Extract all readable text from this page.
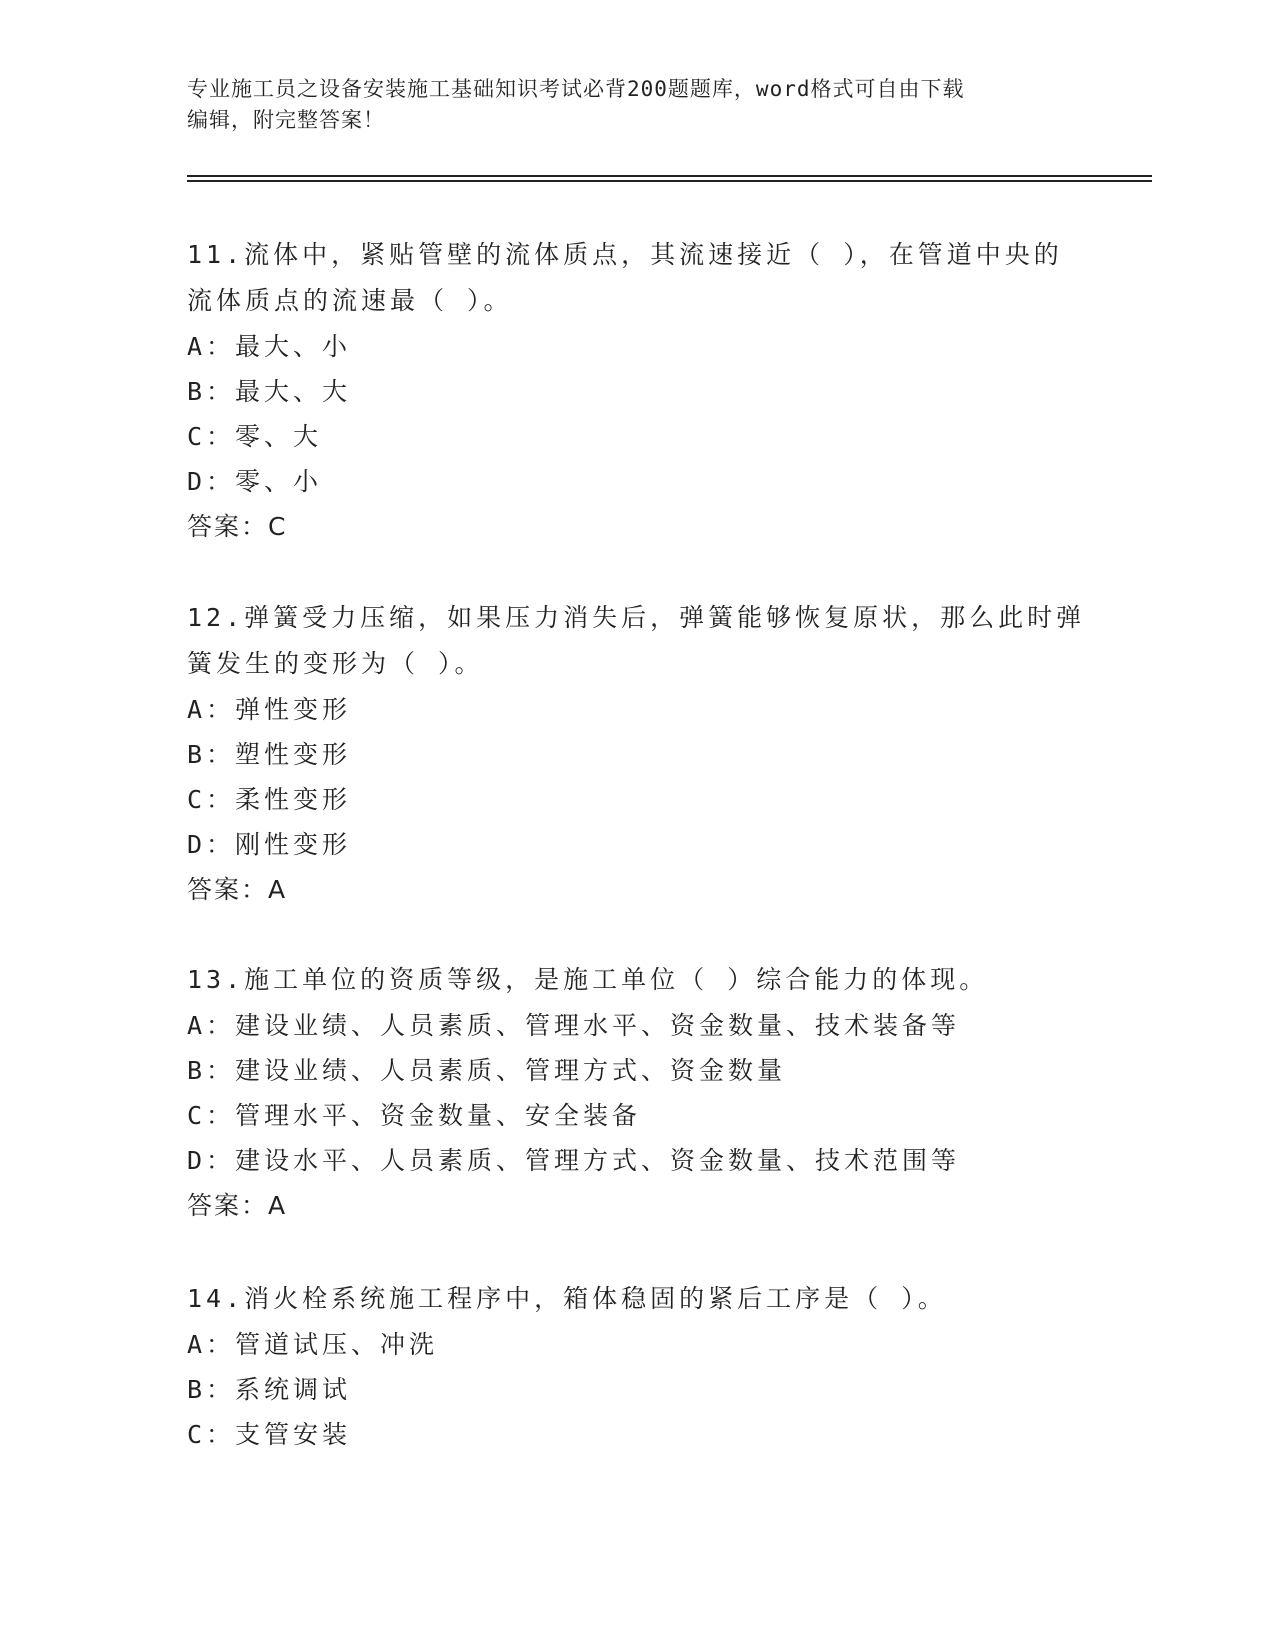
专业施工员之设备安装施工基础知识考试必背200题题库，word格式可自由下载
编辑，附完整答案！

11.流体中，紧贴管壁的流体质点，其流速接近（ ），在管道中央的

流体质点的流速最（ ）。

A：最大、小

B：最大、大

C：零、大

D：零、小

答案：C

12.弹簧受力压缩，如果压力消失后，弹簧能够恢复原状，那么此时弹

簧发生的变形为（ ）。

A：弹性变形

B：塑性变形

C：柔性变形

D：刚性变形

答案：A

13.施工单位的资质等级，是施工单位（ ）综合能力的体现。

A：建设业绩、人员素质、管理水平、资金数量、技术装备等

B：建设业绩、人员素质、管理方式、资金数量

C：管理水平、资金数量、安全装备

D：建设水平、人员素质、管理方式、资金数量、技术范围等

答案：A

14.消火栓系统施工程序中，箱体稳固的紧后工序是（ ）。

A：管道试压、冲洗

B：系统调试

C：支管安装
